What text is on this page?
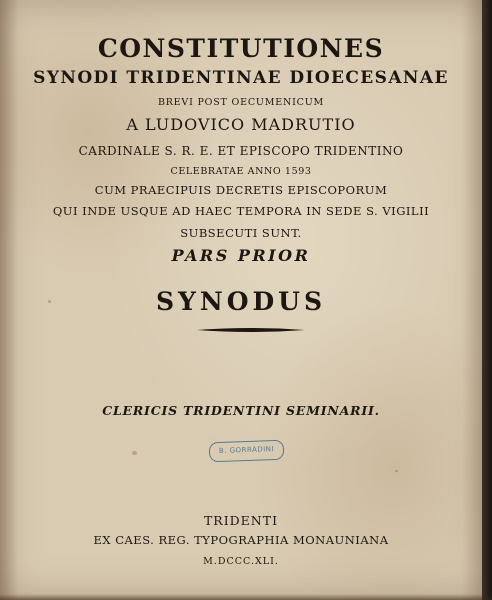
CONSTITUTIONES
SYNODI TRIDENTINAE DIOECESANAE
BREVI POST OECUMENICUM
A LUDOVICO MADRUTIO
CARDINALE S. R. E. ET EPISCOPO TRIDENTINO
CELEBRATAE ANNO 1593
CUM PRAECIPUIS DECRETIS EPISCOPORUM
QUI INDE USQUE AD HAEC TEMPORA IN SEDE S. VIGILII
SUBSECUTI SUNT.
PARS PRIOR
SYNODUS
CLERICIS TRIDENTINI SEMINARII.
B. GORRADINI
TRIDENTI
EX CAES. REG. TYPOGRAPHIA MONAUNIANA
M.DCCC.XLI.
